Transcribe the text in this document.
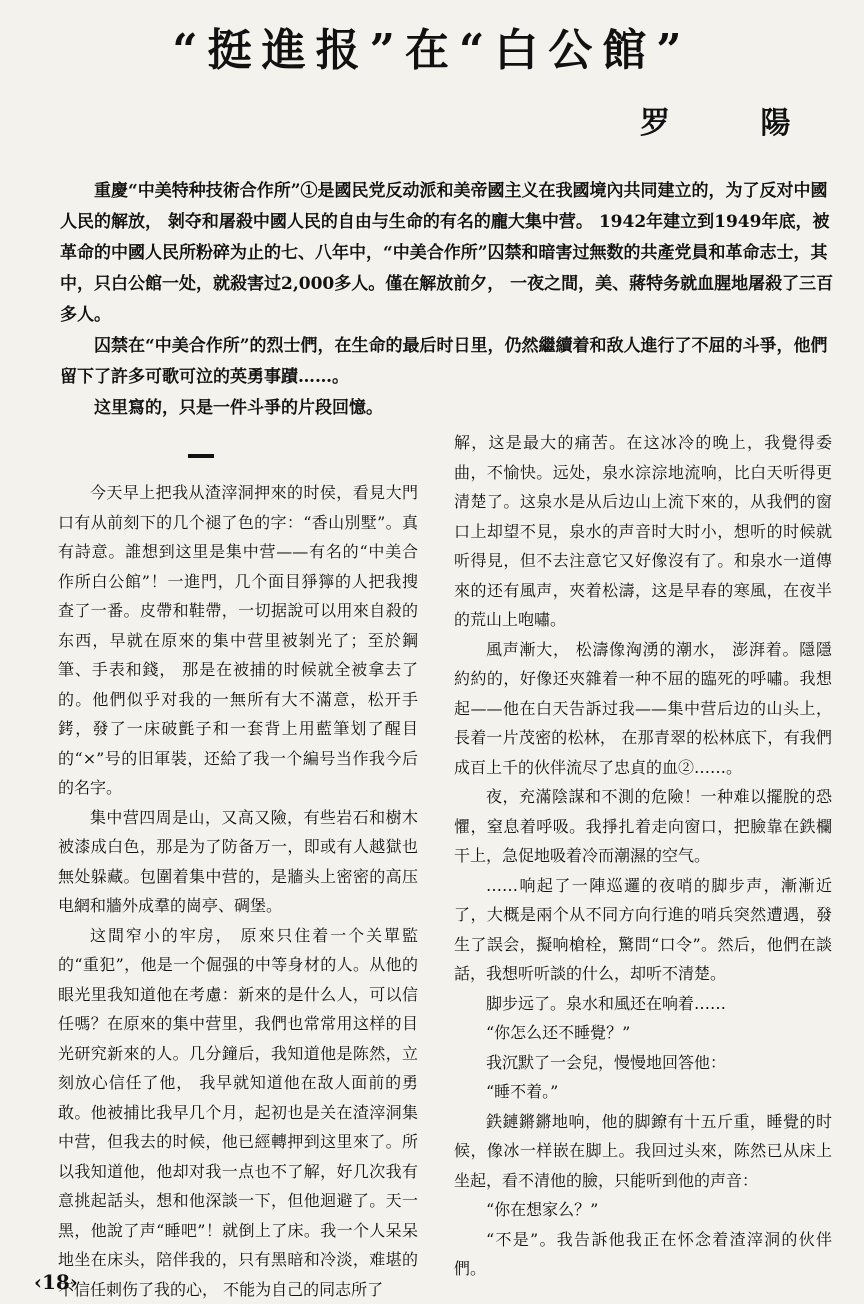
“挺進报”在“白公館”
罗 陽

重慶“中美特种技術合作所”①是國民党反动派和美帝國主义在我國境內共同建立的，为了反对中國人民的解放， 剝夺和屠殺中國人民的自由与生命的有名的龐大集中营。 1942年建立到1949年底，被革命的中國人民所粉碎为止的七、八年中，“中美合作所”囚禁和暗害过無数的共產党員和革命志士，其中，只白公館一处，就殺害过2,000多人。僅在解放前夕， 一夜之間，美、蔣特务就血腥地屠殺了三百多人。

囚禁在“中美合作所”的烈士們，在生命的最后时日里，仍然繼續着和敌人進行了不屈的斗爭，他們留下了許多可歌可泣的英勇事蹟……。

这里寫的，只是一件斗爭的片段回憶。

今天早上把我从渣滓洞押來的时侯，看見大門口有从前刻下的几个褪了色的字：“香山別墅”。真有詩意。誰想到这里是集中营——有名的“中美合作所白公館”！一進門，几个面目猙獰的人把我搜查了一番。皮帶和鞋帶，一切据說可以用來自殺的东西，早就在原來的集中营里被剝光了；至於鋼筆、手表和錢， 那是在被捕的时候就全被拿去了的。他們似乎对我的一無所有大不滿意，松开手銬，發了一床破氈子和一套背上用藍筆划了醒目的“×”号的旧軍裝，还給了我一个編号当作我今后的名字。

集中营四周是山，又高又險，有些岩石和樹木被漆成白色，那是为了防备万一，即或有人越獄也無处躲藏。包圍着集中营的，是牆头上密密的高压电網和牆外成羣的崗亭、碉堡。

这間窄小的牢房， 原來只住着一个关單監的“重犯”，他是一个倔强的中等身材的人。从他的眼光里我知道他在考慮：新來的是什么人，可以信任嗎？在原來的集中营里，我們也常常用这样的目光研究新來的人。几分鐘后，我知道他是陈然，立刻放心信任了他， 我早就知道他在敌人面前的勇敢。他被捕比我早几个月，起初也是关在渣滓洞集中营，但我去的时候，他已經轉押到这里來了。所以我知道他，他却对我一点也不了解，好几次我有意挑起話头，想和他深談一下，但他迴避了。天一黑，他說了声“睡吧”！就倒上了床。我一个人呆呆地坐在床头，陪伴我的，只有黑暗和冷淡，难堪的不信任刺伤了我的心， 不能为自己的同志所了

解，这是最大的痛苦。在这冰冷的晚上，我覺得委曲，不愉快。远处，泉水淙淙地流响，比白天听得更清楚了。这泉水是从后边山上流下來的，从我們的窗口上却望不見，泉水的声音时大时小，想听的时候就听得見，但不去注意它又好像沒有了。和泉水一道傳來的还有風声，夾着松濤，这是早春的寒風，在夜半的荒山上咆嘯。

風声漸大， 松濤像洶湧的潮水， 澎湃着。隱隱約約的，好像还夾雜着一种不屈的臨死的呼嘯。我想起——他在白天告訴过我——集中营后边的山头上， 長着一片茂密的松林， 在那青翠的松林底下，有我們成百上千的伙伴流尽了忠貞的血②……。

夜，充滿陰謀和不測的危險！一种难以擺脫的恐懼，窒息着呼吸。我掙扎着走向窗口，把臉靠在鉄欄干上，急促地吸着冷而潮濕的空气。

……响起了一陣巡邏的夜哨的脚步声，漸漸近了，大概是兩个从不同方向行進的哨兵突然遭遇，發生了誤会，擬响槍栓，驚問“口令”。然后，他們在談話，我想听听談的什么，却听不清楚。

脚步远了。泉水和風还在响着……

“你怎么还不睡覺？”

我沉默了一会兒，慢慢地回答他：

“睡不着。”

鉄鏈鏘鏘地响，他的脚鐐有十五斤重，睡覺的时候，像冰一样嵌在脚上。我回过头來，陈然已从床上坐起，看不清他的臉，只能听到他的声音：

“你在想家么？”

“不是”。我告訴他我正在怀念着渣滓洞的伙伴們。

‹18›
